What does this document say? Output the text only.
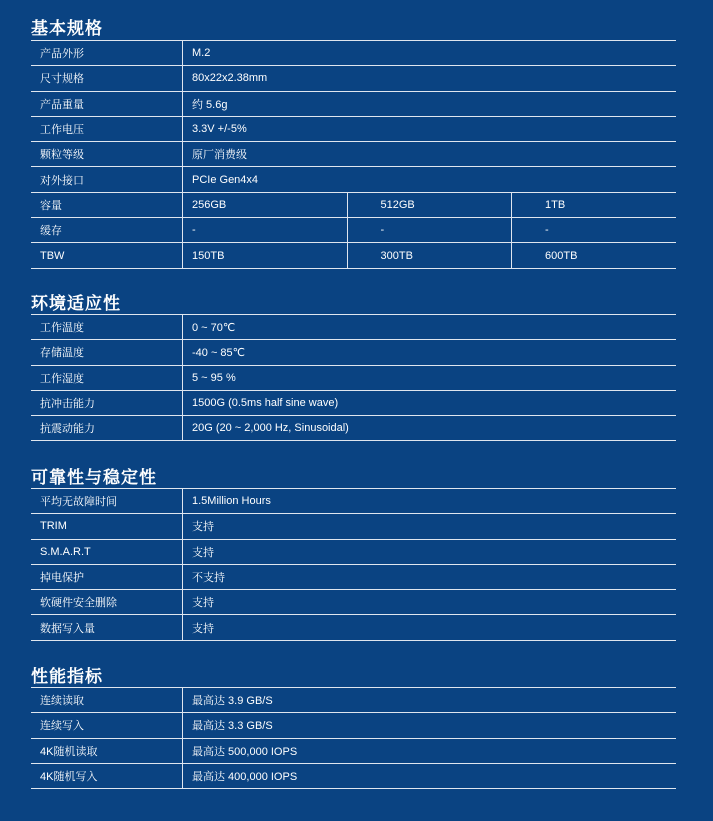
基本规格
产品外形	M.2		
尺寸规格	80x22x2.38mm		
产品重量	约 5.6g		
工作电压	3.3V +/-5%		
颗粒等级	原厂消费级		
对外接口	PCIe Gen4x4		
容量	256GB	512GB	1TB
缓存	-	-	-
TBW	150TB	300TB	600TB
环境适应性
工作温度	0 ~ 70℃
存储温度	-40 ~ 85℃
工作湿度	5 ~ 95 %
抗冲击能力	1500G (0.5ms half sine wave)
抗震动能力	20G (20 ~ 2,000 Hz, Sinusoidal)
可靠性与稳定性
平均无故障时间	1.5Million Hours
TRIM	支持
S.M.A.R.T	支持
掉电保护	不支持
软硬件安全删除	支持
数据写入量	支持
性能指标
连续读取	最高达 3.9 GB/S
连续写入	最高达 3.3 GB/S
4K随机读取	最高达 500,000 IOPS
4K随机写入	最高达 400,000 IOPS
